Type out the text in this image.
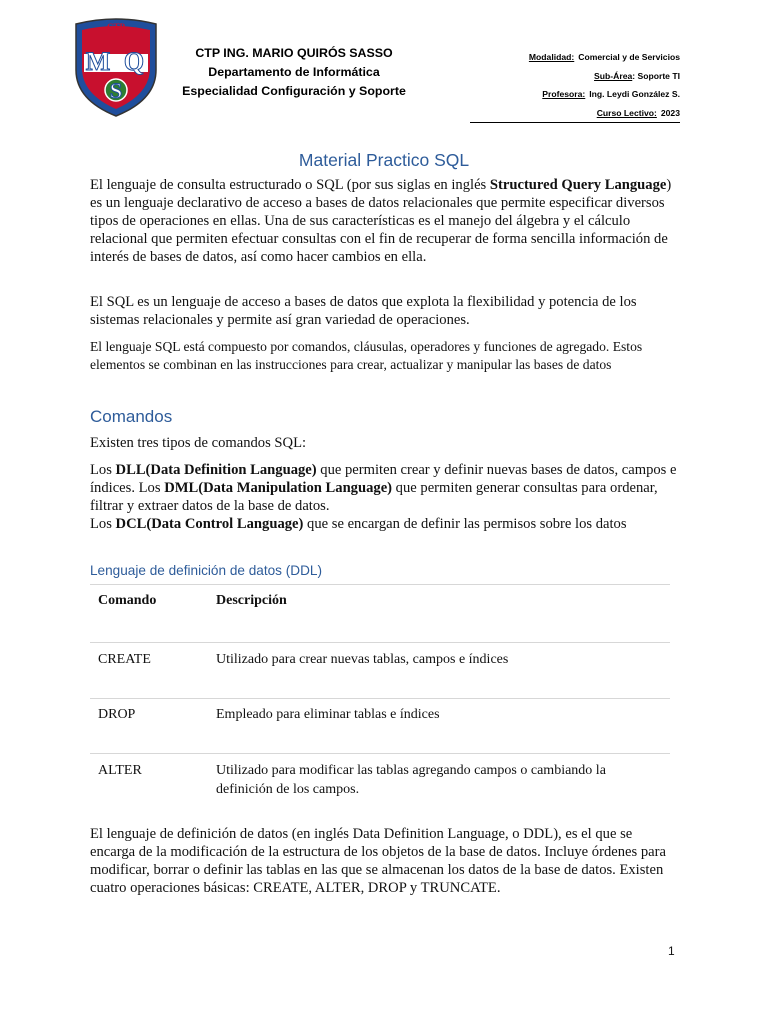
CTP
M Q
S
CTP ING. MARIO QUIRÓS SASSO
Departamento de Informática
Especialidad Configuración y Soporte
Modalidad: Comercial y de Servicios
Sub-Área: Soporte TI
Profesora: Ing. Leydi González S.
Curso Lectivo: 2023
Material Practico SQL

El lenguaje de consulta estructurado o SQL (por sus siglas en inglés Structured Query Language) es un lenguaje declarativo de acceso a bases de datos relacionales que permite especificar diversos tipos de operaciones en ellas. Una de sus características es el manejo del álgebra y el cálculo relacional que permiten efectuar consultas con el fin de recuperar de forma sencilla información de interés de bases de datos, así como hacer cambios en ella.

El SQL es un lenguaje de acceso a bases de datos que explota la flexibilidad y potencia de los sistemas relacionales y permite así gran variedad de operaciones.

El lenguaje SQL está compuesto por comandos, cláusulas, operadores y funciones de agregado. Estos elementos se combinan en las instrucciones para crear, actualizar y manipular las bases de datos

Comandos

Existen tres tipos de comandos SQL:

Los DLL(Data Definition Language) que permiten crear y definir nuevas bases de datos, campos e índices. Los DML(Data Manipulation Language) que permiten generar consultas para ordenar, filtrar y extraer datos de la base de datos.
Los DCL(Data Control Language) que se encargan de definir las permisos sobre los datos

Lenguaje de definición de datos (DDL)
Comando	Descripción
CREATE	Utilizado para crear nuevas tablas, campos e índices
DROP	Empleado para eliminar tablas e índices
ALTER	Utilizado para modificar las tablas agregando campos o cambiando la definición de los campos.

El lenguaje de definición de datos (en inglés Data Definition Language, o DDL), es el que se encarga de la modificación de la estructura de los objetos de la base de datos. Incluye órdenes para modificar, borrar o definir las tablas en las que se almacenan los datos de la base de datos. Existen cuatro operaciones básicas: CREATE, ALTER, DROP y TRUNCATE.

1
